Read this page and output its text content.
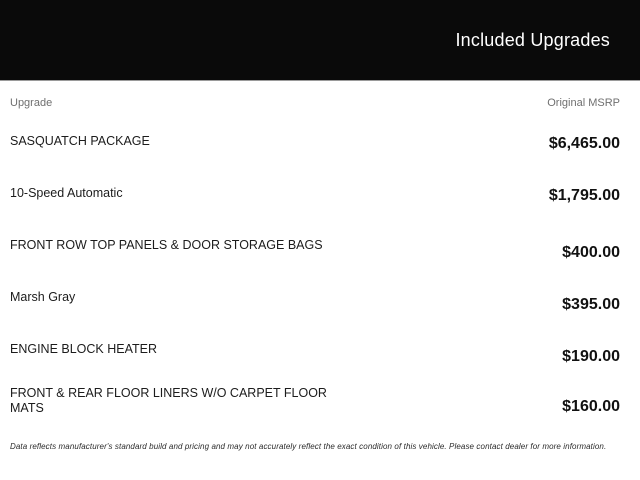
Included Upgrades
Upgrade	Original MSRP
SASQUATCH PACKAGE	$6,465.00
10-Speed Automatic	$1,795.00
FRONT ROW TOP PANELS & DOOR STORAGE BAGS	$400.00
Marsh Gray	$395.00
ENGINE BLOCK HEATER	$190.00
FRONT & REAR FLOOR LINERS W/O CARPET FLOOR MATS	$160.00

Data reflects manufacturer's standard build and pricing and may not accurately reflect the exact condition of this vehicle. Please contact dealer for more information.
